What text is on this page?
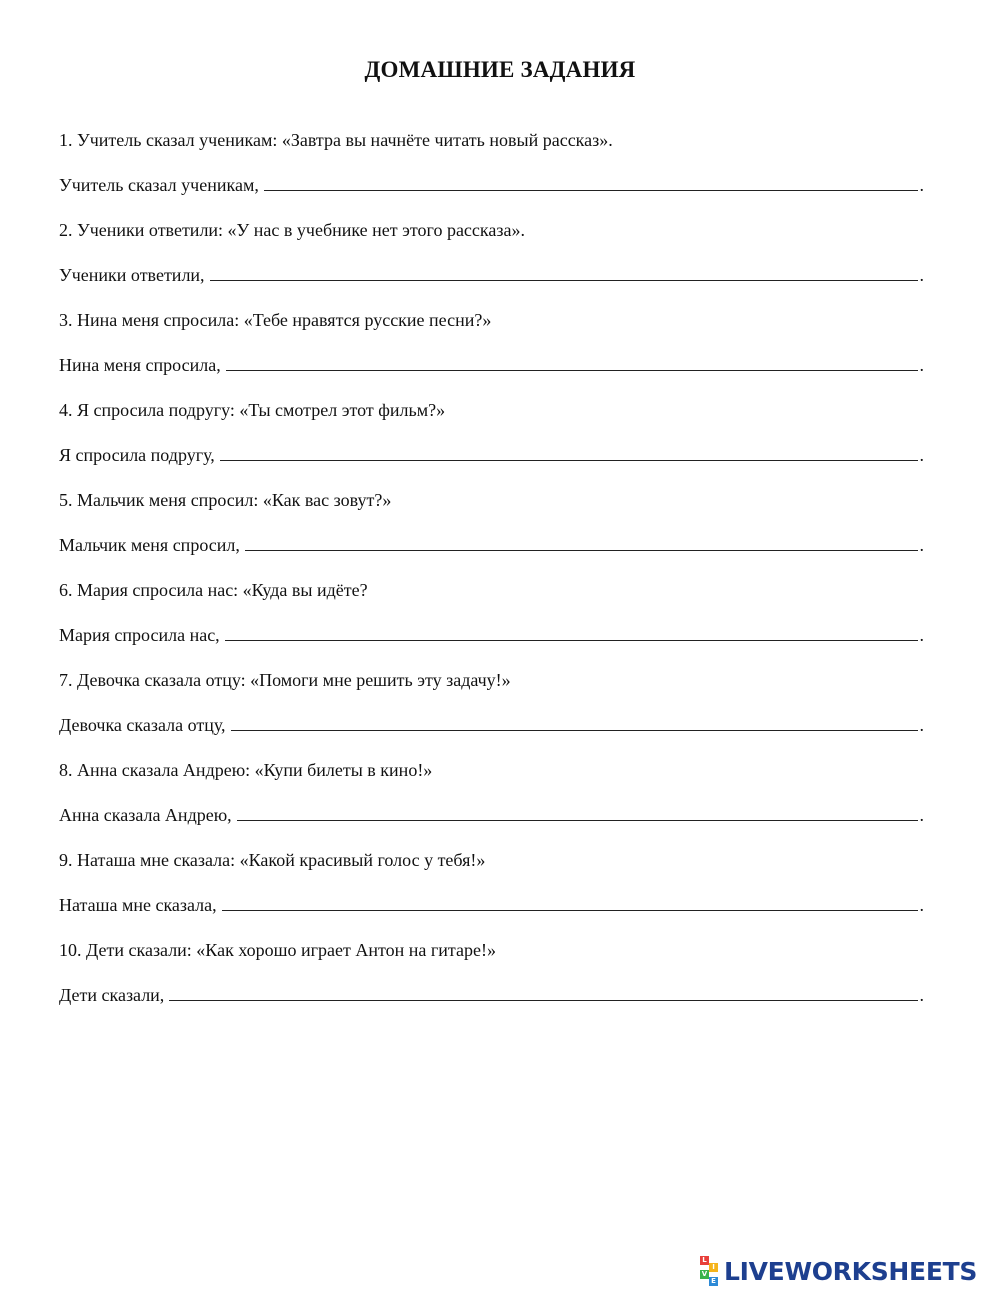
ДОМАШНИЕ ЗАДАНИЯ
1. Учитель сказал ученикам: «Завтра вы начнёте читать новый рассказ».
Учитель сказал ученикам,	.
2. Ученики ответили: «У нас в учебнике нет этого рассказа».
Ученики ответили,	.
3. Нина меня спросила: «Тебе нравятся русские песни?»
Нина меня спросила,	.
4. Я спросила подругу: «Ты смотрел этот фильм?»
Я спросила подругу,	.
5. Мальчик меня спросил: «Как вас зовут?»
Мальчик меня спросил,	.
6. Мария спросила нас: «Куда вы идёте?
Мария спросила нас,	.
7. Девочка сказала отцу: «Помоги мне решить эту задачу!»
Девочка сказала отцу,	.
8. Анна сказала Андрею: «Купи билеты в кино!»
Анна сказала Андрею,	.
9. Наташа мне сказала: «Какой красивый голос у тебя!»
Наташа мне сказала,	.
10. Дети сказали: «Как хорошо играет Антон на гитаре!»
Дети сказали,	.
L
I
V
E LIVEWORKSHEETS
